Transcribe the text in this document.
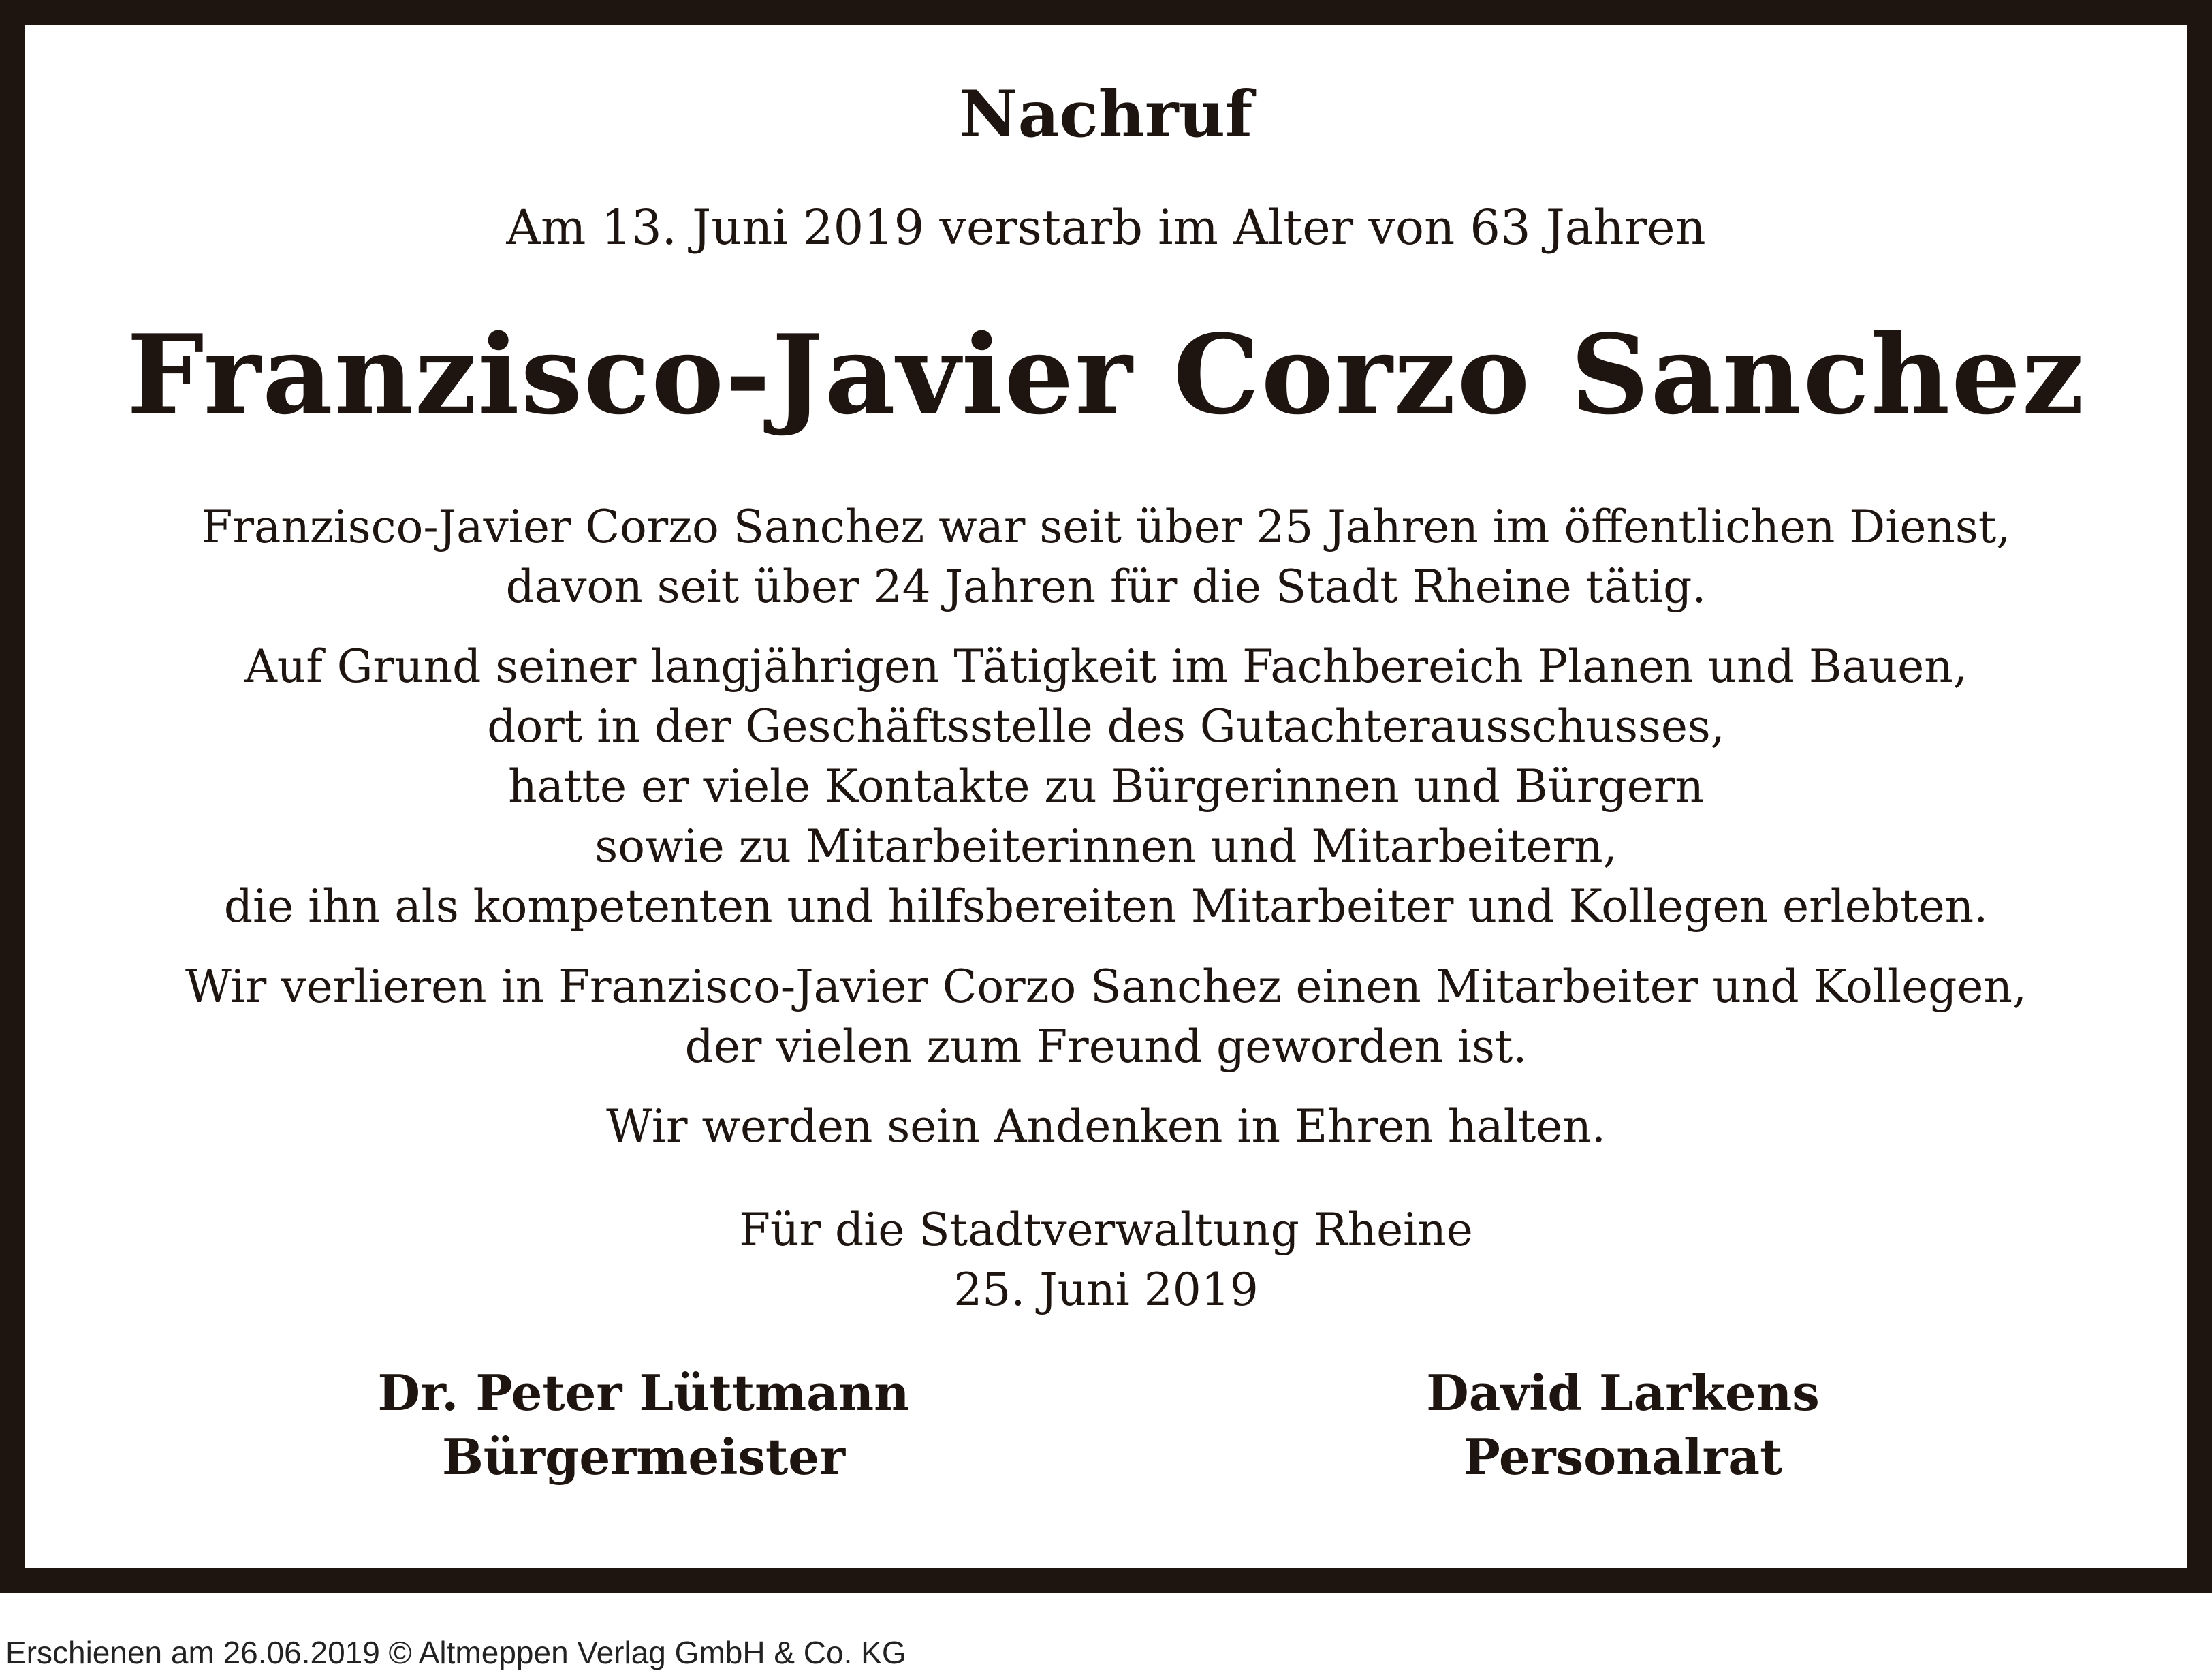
Nachruf
Am 13. Juni 2019 verstarb im Alter von 63 Jahren
Franzisco-Javier Corzo Sanchez
Franzisco-Javier Corzo Sanchez war seit über 25 Jahren im öffentlichen Dienst,
davon seit über 24 Jahren für die Stadt Rheine tätig.
Auf Grund seiner langjährigen Tätigkeit im Fachbereich Planen und Bauen,
dort in der Geschäftsstelle des Gutachterausschusses,
hatte er viele Kontakte zu Bürgerinnen und Bürgern
sowie zu Mitarbeiterinnen und Mitarbeitern,
die ihn als kompetenten und hilfsbereiten Mitarbeiter und Kollegen erlebten.
Wir verlieren in Franzisco-Javier Corzo Sanchez einen Mitarbeiter und Kollegen,
der vielen zum Freund geworden ist.
Wir werden sein Andenken in Ehren halten.
Für die Stadtverwaltung Rheine
25. Juni 2019
Dr. Peter Lüttmann
Bürgermeister
David Larkens
Personalrat
Erschienen am 26.06.2019 © Altmeppen Verlag GmbH & Co. KG
